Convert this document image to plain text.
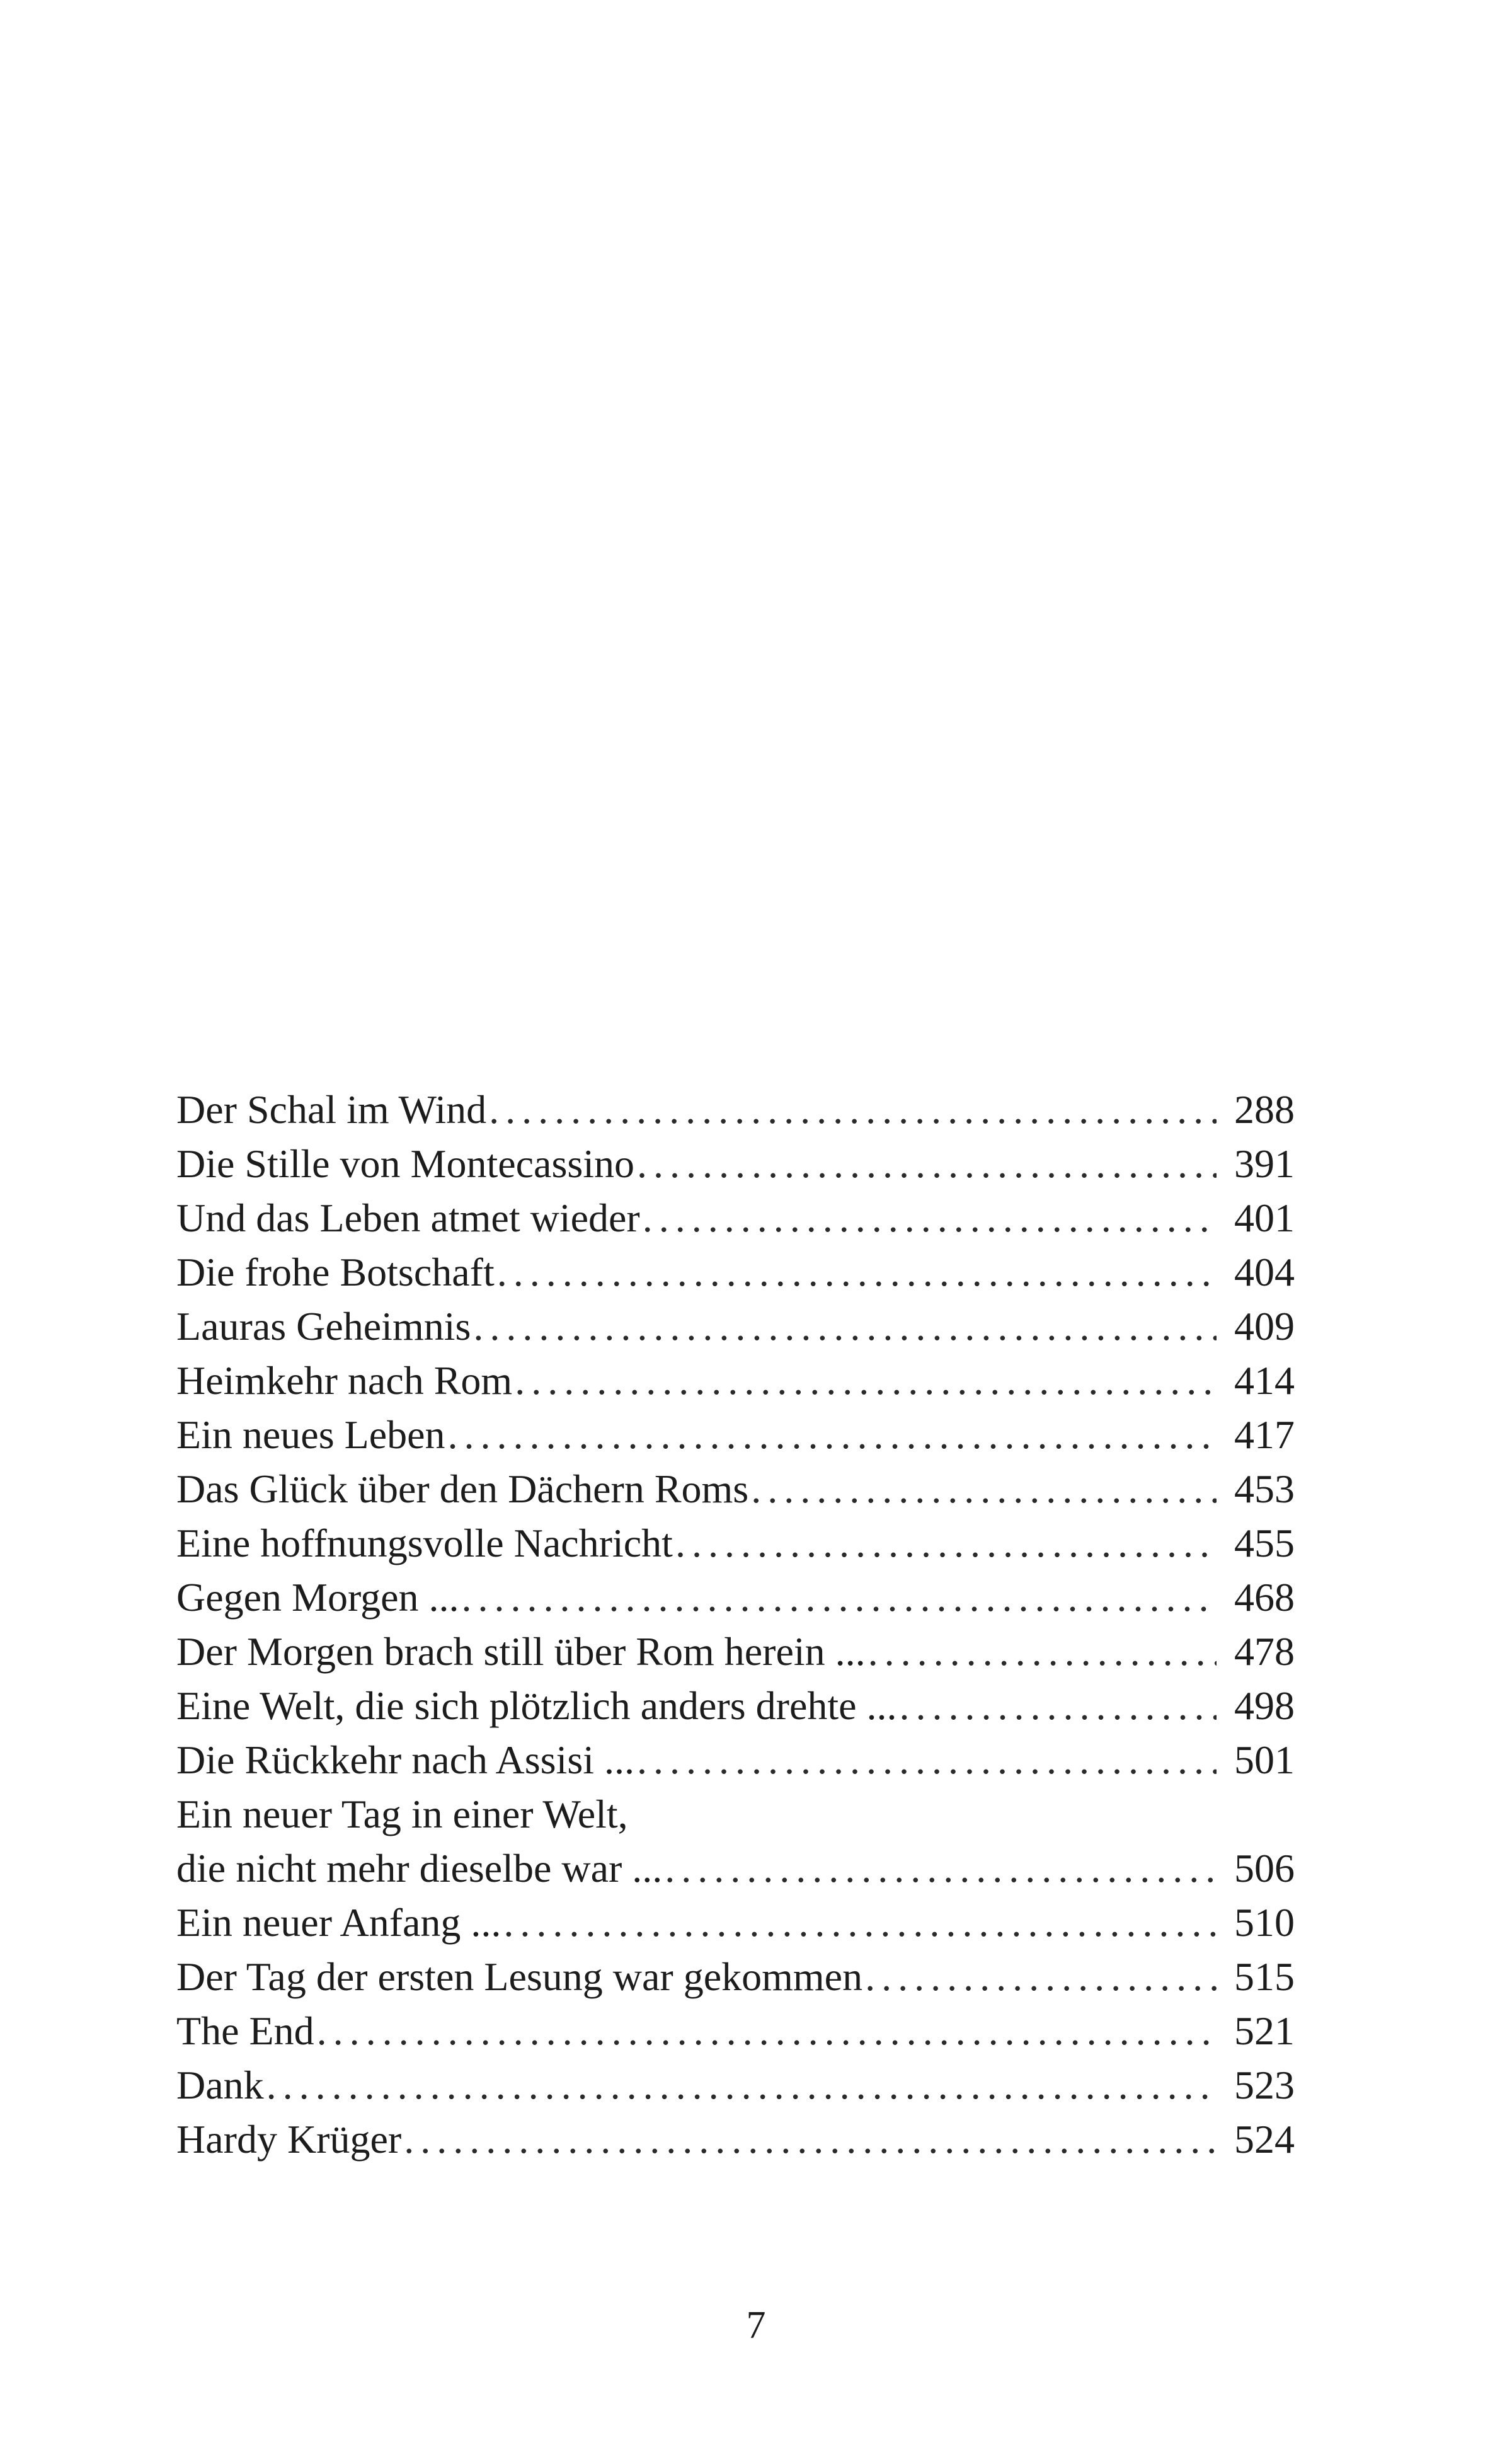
Der Schal im Wind .....	288
Die Stille von Montecassino .....	391
Und das Leben atmet wieder .....	401
Die frohe Botschaft .....	404
Lauras Geheimnis .....	409
Heimkehr nach Rom .....	414
Ein neues Leben .....	417
Das Glück über den Dächern Roms .....	453
Eine hoffnungsvolle Nachricht .....	455
Gegen Morgen ... .....	468
Der Morgen brach still über Rom herein ... .....	478
Eine Welt, die sich plötzlich anders drehte ... .....	498
Die Rückkehr nach Assisi ... .....	501
Ein neuer Tag in einer Welt,
die nicht mehr dieselbe war ... .....	506
Ein neuer Anfang ... .....	510
Der Tag der ersten Lesung war gekommen .....	515
The End .....	521
Dank .....	523
Hardy Krüger .....	524
7
